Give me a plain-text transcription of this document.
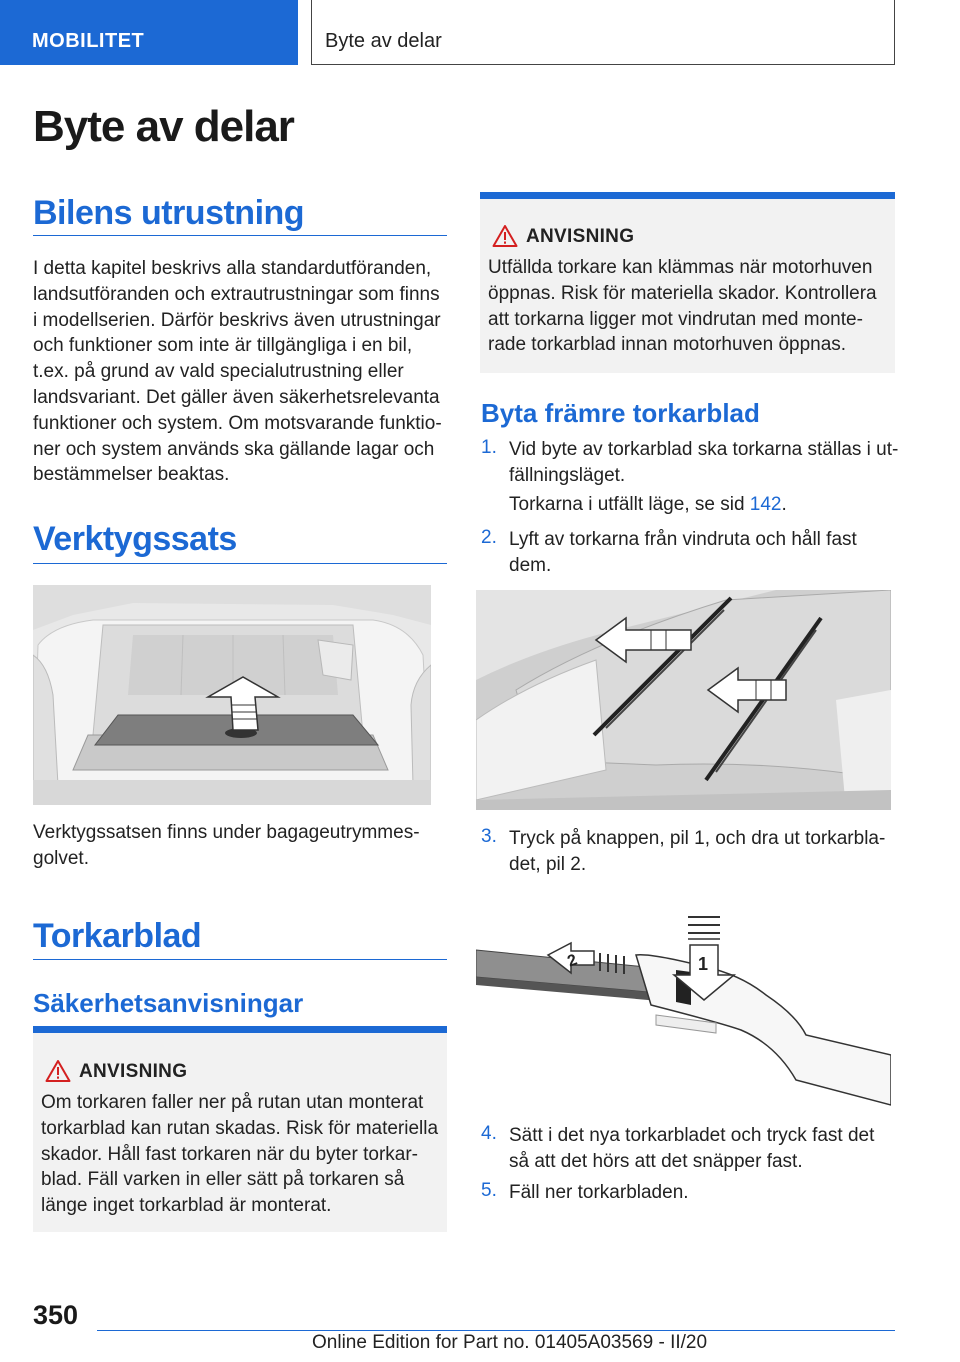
MOBILITET	Byte av delar
Byte av delar
Bilens utrustning
I detta kapitel beskrivs alla standardutföranden,
landsutföranden och extrautrustningar som finns
i modellserien. Därför beskrivs även utrustningar
och funktioner som inte är tillgängliga i en bil,
t.ex. på grund av vald specialutrustning eller
landsvariant. Det gäller även säkerhetsrelevanta
funktioner och system. Om motsvarande funktio‐
ner och system används ska gällande lagar och
bestämmelser beaktas.
Verktygssats
Verktygssatsen finns under bagageutrymmes‐
golvet.
Torkarblad
Säkerhetsanvisningar
ANVISNING
Om torkaren faller ner på rutan utan monterat
torkarblad kan rutan skadas. Risk för materiella
skador. Håll fast torkaren när du byter torkar‐
blad. Fäll varken in eller sätt på torkaren så
länge inget torkarblad är monterat.
ANVISNING
Utfällda torkare kan klämmas när motorhuven
öppnas. Risk för materiella skador. Kontrollera
att torkarna ligger mot vindrutan med monte‐
rade torkarblad innan motorhuven öppnas.
Byta främre torkarblad
1. Vid byte av torkarblad ska torkarna ställas i ut‐
fällningsläget.
Torkarna i utfällt läge, se sid 142.
2. Lyft av torkarna från vindruta och håll fast
dem.
3. Tryck på knappen, pil 1, och dra ut torkarbla‐
det, pil 2.
1
2
4. Sätt i det nya torkarbladet och tryck fast det
så att det hörs att det snäpper fast.
5. Fäll ner torkarbladen.
350
Online Edition for Part no. 01405A03569 - II/20
